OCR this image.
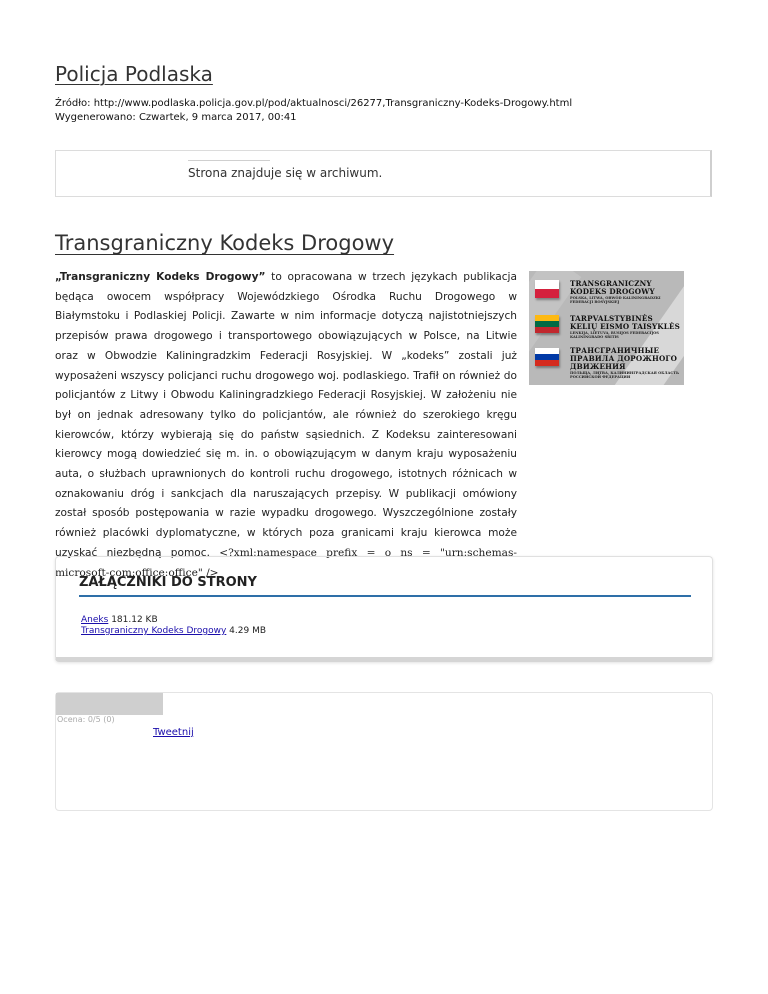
Policja Podlaska
Źródło: http://www.podlaska.policja.gov.pl/pod/aktualnosci/26277,Transgraniczny-Kodeks-Drogowy.html
Wygenerowano: Czwartek, 9 marca 2017, 00:41
Strona znajduje się w archiwum.
Transgraniczny Kodeks Drogowy

„Transgraniczny Kodeks Drogowy” to opracowana w trzech językach publikacja będąca owocem współpracy Wojewódzkiego Ośrodka Ruchu Drogowego w Białymstoku i Podlaskiej Policji. Zawarte w nim informacje dotyczą najistotniejszych przepisów prawa drogowego i transportowego obowiązujących w Polsce, na Litwie oraz w Obwodzie Kaliningradzkim Federacji Rosyjskiej. W „kodeks” zostali już wyposażeni wszyscy policjanci ruchu drogowego woj. podlaskiego. Trafił on również do policjantów z Litwy i Obwodu Kaliningradzkiego Federacji Rosyjskiej. W założeniu nie był on jednak adresowany tylko do policjantów, ale również do szerokiego kręgu kierowców, którzy wybierają się do państw sąsiednich. Z Kodeksu zainteresowani kierowcy mogą dowiedzieć się m. in. o obowiązującym w danym kraju wyposażeniu auta, o służbach uprawnionych do kontroli ruchu drogowego, istotnych różnicach w oznakowaniu dróg i sankcjach dla naruszających przepisy. W publikacji omówiony został sposób postępowania w razie wypadku drogowego. Wyszczególnione zostały również placówki dyplomatyczne, w których poza granicami kraju kierowca może uzyskać niezbędną pomoc. <?xml:namespace prefix = o ns = "urn:schemas-microsoft-com:office:office" />

TRANSGRANICZNY
KODEKS DROGOWY
POLSKA, LITWA, OBWÓD KALININGRADZKI FEDERACJI ROSYJSKIEJ
TARPVALSTYBINĖS
KELIŲ EISMO TAISYKLĖS
LENKIJA, LIETUVA, RUSIJOS FEDERACIJOS KALININGRADO SRITIS
ТРАНСГРАНИЧНЫЕ
ПРАВИЛА ДОРОЖНОГО
ДВИЖЕНИЯ
ПОЛЬША, ЛИТВА, КАЛИНИНГРАДСКАЯ ОБЛАСТЬ РОССИЙСКОЙ ФЕДЕРАЦИИ
ZAŁĄCZNIKI DO STRONY
Aneks 181.12 KB
Transgraniczny Kodeks Drogowy 4.29 MB
Ocena: 0/5 (0)
Tweetnij
